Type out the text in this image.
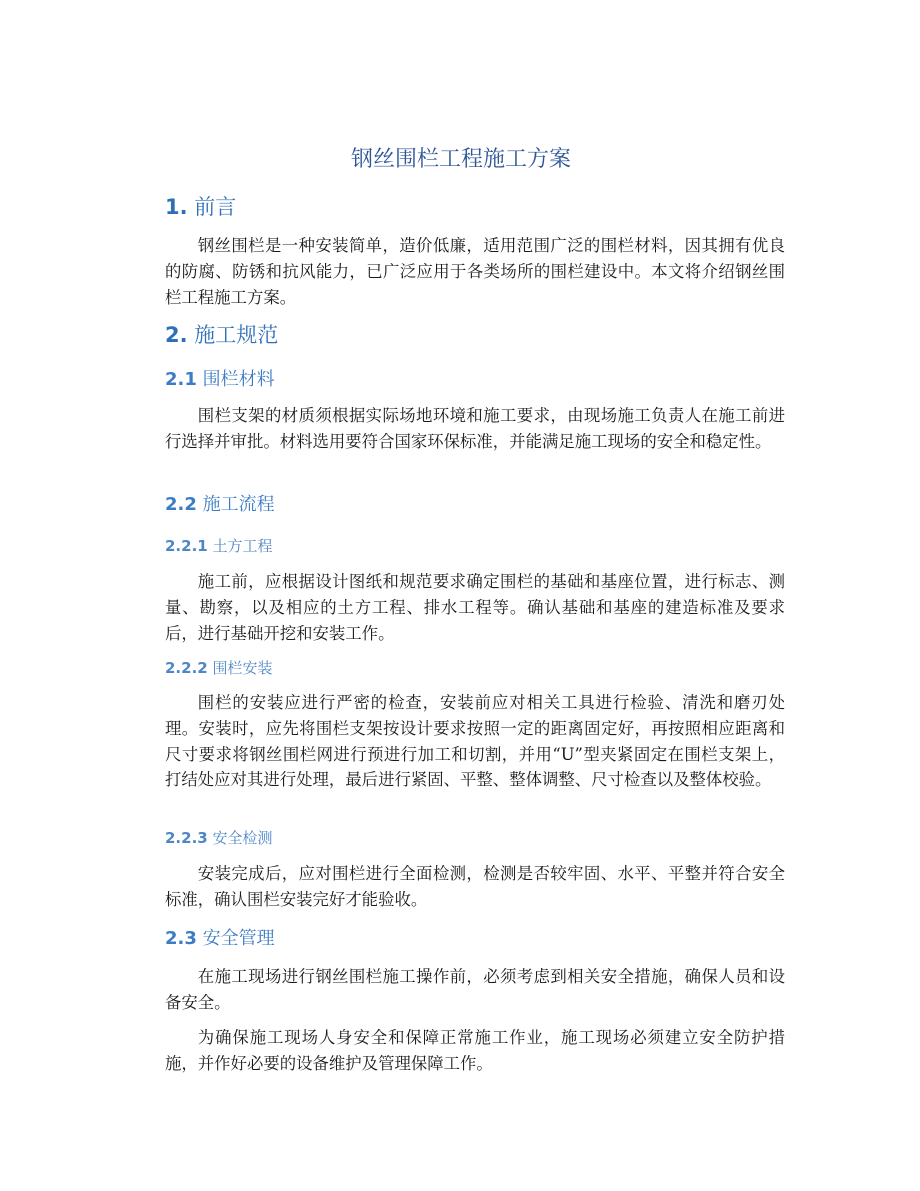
钢丝围栏工程施工方案
1. 前言

钢丝围栏是一种安装简单，造价低廉，适用范围广泛的围栏材料，因其拥有优良的防腐、防锈和抗风能力，已广泛应用于各类场所的围栏建设中。本文将介绍钢丝围栏工程施工方案。

2. 施工规范
2.1 围栏材料

围栏支架的材质须根据实际场地环境和施工要求，由现场施工负责人在施工前进行选择并审批。材料选用要符合国家环保标准，并能满足施工现场的安全和稳定性。

2.2 施工流程
2.2.1 土方工程

施工前，应根据设计图纸和规范要求确定围栏的基础和基座位置，进行标志、测量、勘察，以及相应的土方工程、排水工程等。确认基础和基座的建造标准及要求后，进行基础开挖和安装工作。

2.2.2 围栏安装

围栏的安装应进行严密的检查，安装前应对相关工具进行检验、清洗和磨刃处理。安装时，应先将围栏支架按设计要求按照一定的距离固定好，再按照相应距离和尺寸要求将钢丝围栏网进行预进行加工和切割，并用“U”型夹紧固定在围栏支架上，打结处应对其进行处理，最后进行紧固、平整、整体调整、尺寸检查以及整体校验。

2.2.3 安全检测

安装完成后，应对围栏进行全面检测，检测是否较牢固、水平、平整并符合安全标准，确认围栏安装完好才能验收。

2.3 安全管理

在施工现场进行钢丝围栏施工操作前，必须考虑到相关安全措施，确保人员和设备安全。

为确保施工现场人身安全和保障正常施工作业，施工现场必须建立安全防护措施，并作好必要的设备维护及管理保障工作。
